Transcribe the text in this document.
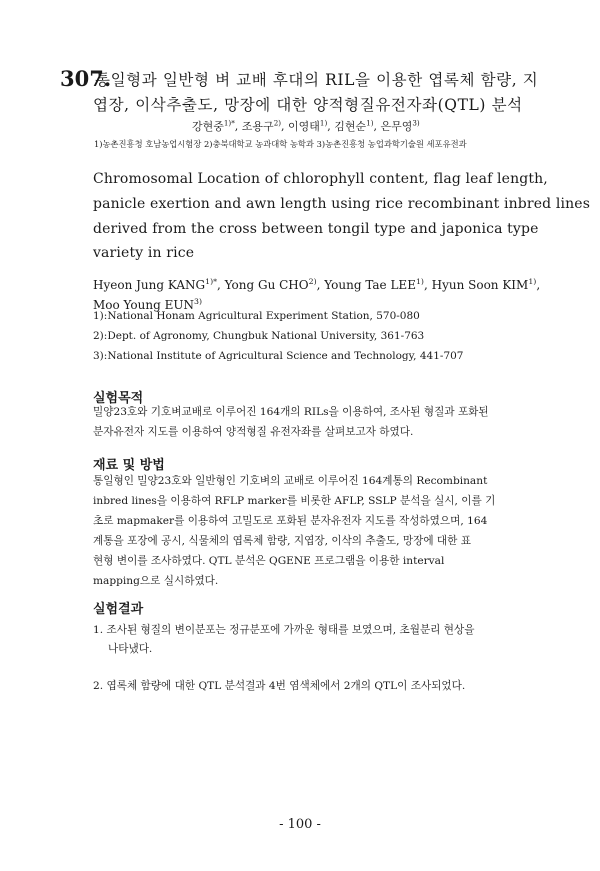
307.
통일형과 일반형 벼 교배 후대의 RIL을 이용한 엽록체 함량, 지
엽장, 이삭추출도, 망장에 대한 양적형질유전자좌(QTL) 분석
강현중$^{1)*}$, 조용구$^{2)}$, 이영태$^{1)}$, 김현순$^{1)}$, 은무영$^{3)}$
1)농촌진흥청 호남농업시험장 2)충북대학교 농과대학 농학과 3)농촌진흥청 농업과학기술원 세포유전과
Chromosomal Location of chlorophyll content, flag leaf length,
panicle exertion and awn length using rice recombinant inbred lines
derived from the cross between tongil type and japonica type
variety in rice
Hyeon Jung $KANG^{1)*}$, Yong Gu CHO$^{2)}$, Young Tae LEE$^{1)}$, Hyun Soon KIM$^{1)}$,
Moo Young EUN$^{3)}$
1):National Honam Agricultural Experiment Station, 570-080
2):Dept. of Agronomy, Chungbuk National University, 361-763
3):National Institute of Agricultural Science and Technology, 441-707
실험목적
밀양23호와 기호벼교배로 이루어진 164개의 RILs을 이용하여, 조사된 형질과 포화된
분자유전자 지도를 이용하여 양적형질 유전자좌를 살펴보고자 하였다.
재료 및 방법
통일형인 밀양23호와 일반형인 기호벼의 교배로 이루어진 164계통의 Recombinant
inbred lines을 이용하여 RFLP marker를 비롯한 AFLP, SSLP 분석을 실시, 이를 기
초로 mapmaker를 이용하여 고밀도로 포화된 분자유전자 지도를 작성하였으며, 164
계통을 포장에 공시, 식물체의 엽록체 함량, 지엽장, 이삭의 추출도, 망장에 대한 표
현형 변이를 조사하였다. QTL 분석은 QGENE 프로그램을 이용한 interval
mapping으로 실시하였다.
실험결과
1. 조사된 형질의 변이분포는 정규분포에 가까운 형태를 보였으며, 초월분리 현상을
나타냈다.
2. 엽록체 함량에 대한 QTL 분석결과 4번 염색체에서 2개의 QTL이 조사되었다.
- 100 -
